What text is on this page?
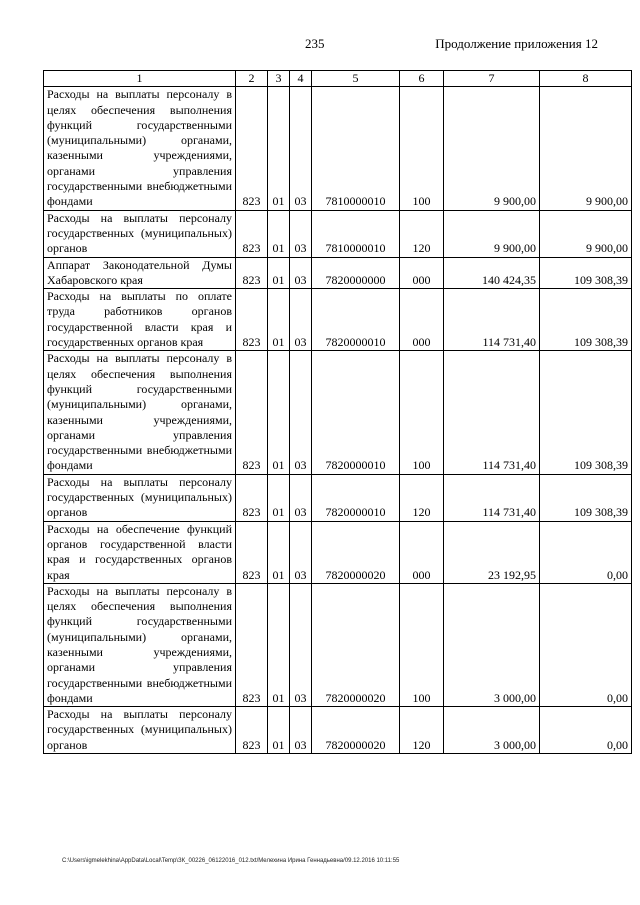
235	Продолжение приложения 12
1	2	3	4	5	6	7	8
Расходы на выплаты персоналу в целях обеспечения выполнения функций государственными (муниципальными) органами, казенными учреждениями, органами управления государственными внебюджетными фондами	823	01	03	7810000010	100	9 900,00	9 900,00
Расходы на выплаты персоналу государственных (муниципальных) органов	823	01	03	7810000010	120	9 900,00	9 900,00
Аппарат Законодательной Думы Хабаровского края	823	01	03	7820000000	000	140 424,35	109 308,39
Расходы на выплаты по оплате труда работников органов государственной власти края и государственных органов края	823	01	03	7820000010	000	114 731,40	109 308,39
Расходы на выплаты персоналу в целях обеспечения выполнения функций государственными (муниципальными) органами, казенными учреждениями, органами управления государственными внебюджетными фондами	823	01	03	7820000010	100	114 731,40	109 308,39
Расходы на выплаты персоналу государственных (муниципальных) органов	823	01	03	7820000010	120	114 731,40	109 308,39
Расходы на обеспечение функций органов государственной власти края и государственных органов края	823	01	03	7820000020	000	23 192,95	0,00
Расходы на выплаты персоналу в целях обеспечения выполнения функций государственными (муниципальными) органами, казенными учреждениями, органами управления государственными внебюджетными фондами	823	01	03	7820000020	100	3 000,00	0,00
Расходы на выплаты персоналу государственных (муниципальных) органов	823	01	03	7820000020	120	3 000,00	0,00
C:\Users\igmelekhina\AppData\Local\Temp\ЗК_00226_06122016_012.txt/Мелехина Ирина Геннадьевна/09.12.2016 10:11:55
